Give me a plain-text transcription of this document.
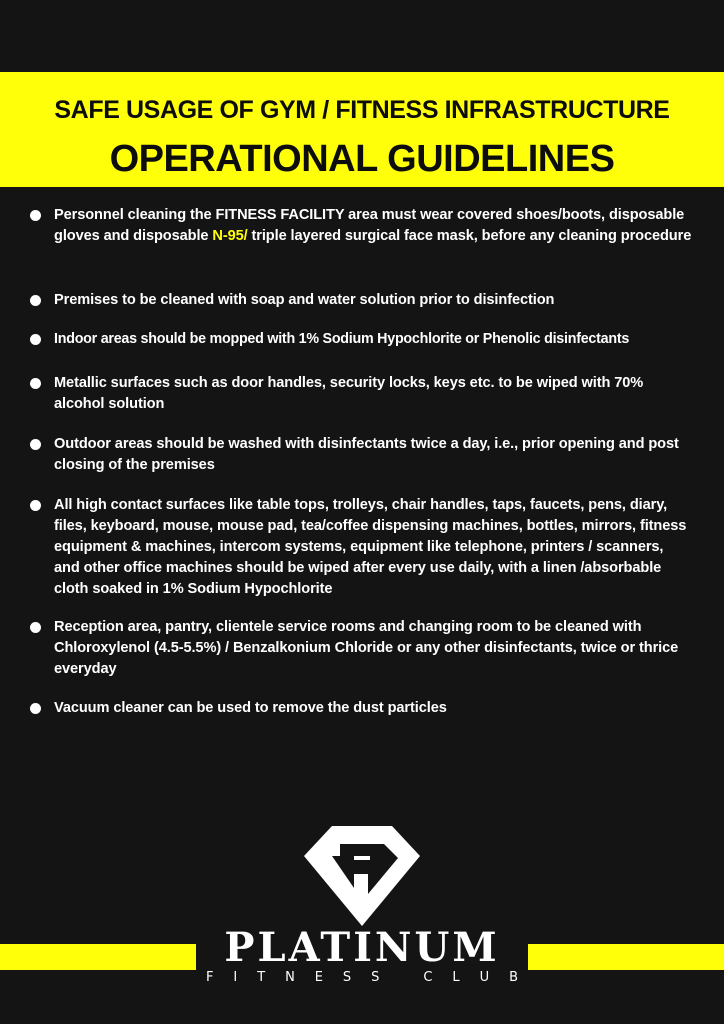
SAFE USAGE OF GYM / FITNESS INFRASTRUCTURE
OPERATIONAL GUIDELINES
Personnel cleaning the FITNESS FACILITY area must wear covered shoes/boots, disposable gloves and disposable N-95/ triple layered surgical face mask, before any cleaning procedure
Premises to be cleaned with soap and water solution prior to disinfection
Indoor areas should be mopped with 1% Sodium Hypochlorite or Phenolic disinfectants
Metallic surfaces such as door handles, security locks, keys etc. to be wiped with 70% alcohol solution
Outdoor areas should be washed with disinfectants twice a day, i.e., prior opening and post closing of the premises
All high contact surfaces like table tops, trolleys, chair handles, taps, faucets, pens, diary, files, keyboard, mouse, mouse pad, tea/coffee dispensing machines, bottles, mirrors, fitness equipment & machines, intercom systems, equipment like telephone, printers / scanners, and other office machines should be wiped after every use daily, with a linen /absorbable cloth soaked in 1% Sodium Hypochlorite
Reception area, pantry, clientele service rooms and changing room to be cleaned with Chloroxylenol (4.5-5.5%) / Benzalkonium Chloride or any other disinfectants, twice or thrice everyday
Vacuum cleaner can be used to remove the dust particles
PLATINUM
F I T N E S S
	C L U B
